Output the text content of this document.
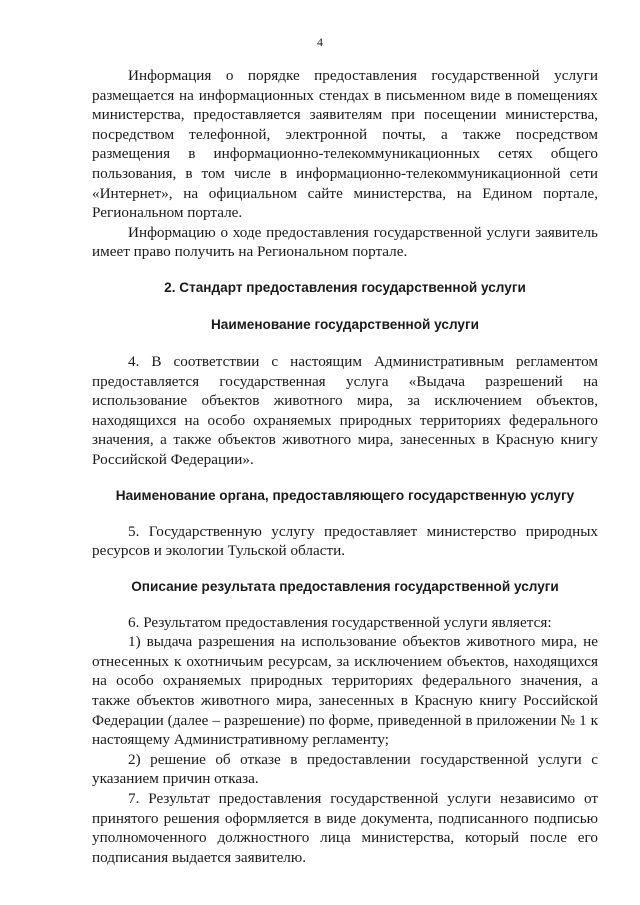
4

Информация о порядке предоставления государственной услуги размещается на информационных стендах в письменном виде в помещениях министерства, предоставляется заявителям при посещении министерства, посредством телефонной, электронной почты, а также посредством размещения в информационно-телекоммуникационных сетях общего пользования, в том числе в информационно-телекоммуникационной сети «Интернет», на официальном сайте министерства, на Едином портале, Региональном портале.

Информацию о ходе предоставления государственной услуги заявитель имеет право получить на Региональном портале.

2. Стандарт предоставления государственной услуги

Наименование государственной услуги

4. В соответствии с настоящим Административным регламентом предоставляется государственная услуга «Выдача разрешений на использование объектов животного мира, за исключением объектов, находящихся на особо охраняемых природных территориях федерального значения, а также объектов животного мира, занесенных в Красную книгу Российской Федерации».

Наименование органа, предоставляющего государственную услугу

5. Государственную услугу предоставляет министерство природных ресурсов и экологии Тульской области.

Описание результата предоставления государственной услуги

6. Результатом предоставления государственной услуги является:

1) выдача разрешения на использование объектов животного мира, не отнесенных к охотничьим ресурсам, за исключением объектов, находящихся на особо охраняемых природных территориях федерального значения, а также объектов животного мира, занесенных в Красную книгу Российской Федерации (далее – разрешение) по форме, приведенной в приложении № 1 к настоящему Административному регламенту;

2) решение об отказе в предоставлении государственной услуги с указанием причин отказа.

7. Результат предоставления государственной услуги независимо от принятого решения оформляется в виде документа, подписанного подписью уполномоченного должностного лица министерства, который после его подписания выдается заявителю.
